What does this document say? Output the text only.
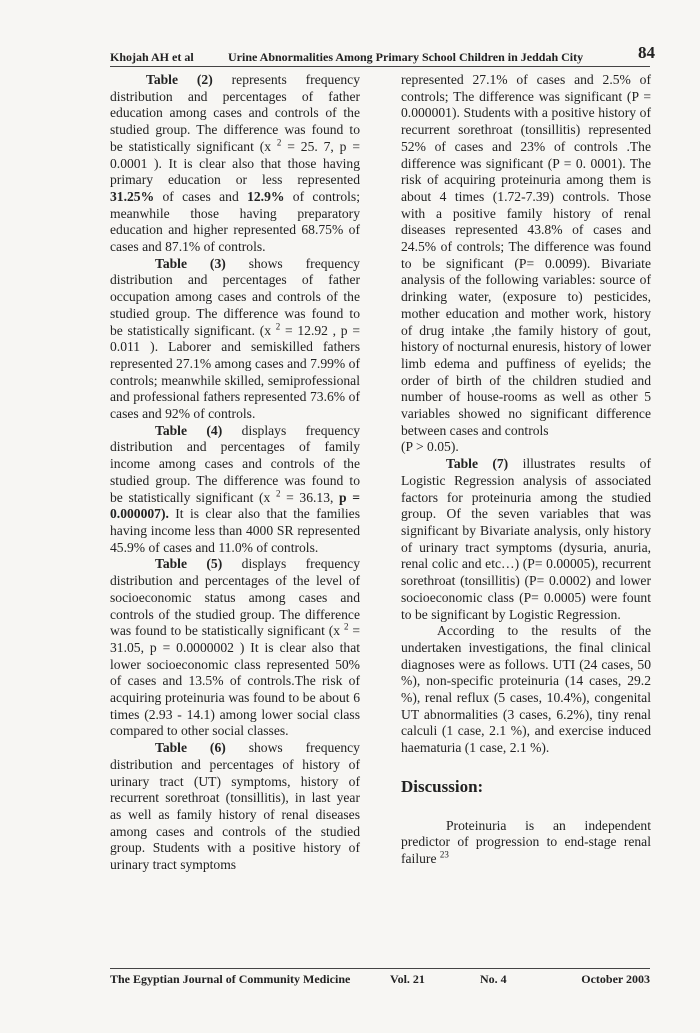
Khojah AH et al	Urine Abnormalities Among Primary School Children in Jeddah City	84

Table (2) represents frequency distribution and percentages of father education among cases and controls of the studied group. The difference was found to be statistically significant (x $^2$ = 25. 7, p = 0.0001 ). It is clear also that those having primary education or less represented 31.25% of cases and 12.9% of controls; meanwhile those having preparatory education and higher represented 68.75% of cases and 87.1% of controls.

Table (3) shows frequency distribution and percentages of father occupation among cases and controls of the studied group. The difference was found to be statistically significant. (x $^2$ = 12.92 , p = 0.011 ). Laborer and semiskilled fathers represented 27.1% among cases and 7.99% of controls; meanwhile skilled, semiprofessional and professional fathers represented 73.6% of cases and 92% of controls.

Table (4) displays frequency distribution and percentages of family income among cases and controls of the studied group. The difference was found to be statistically significant (x $^2$ = 36.13, p = 0.000007). It is clear also that the families having income less than 4000 SR represented 45.9% of cases and 11.0% of controls.

Table (5) displays frequency distribution and percentages of the level of socioeconomic status among cases and controls of the studied group. The difference was found to be statistically significant (x $^2$ = 31.05, p = 0.0000002 ) It is clear also that lower socioeconomic class represented 50% of cases and 13.5% of controls.The risk of acquiring proteinuria was found to be about 6 times (2.93 - 14.1) among lower social class compared to other social classes.

Table (6) shows frequency distribution and percentages of history of urinary tract (UT) symptoms, history of recurrent sorethroat (tonsillitis), in last year as well as family history of renal diseases among cases and controls of the studied group. Students with a positive history of urinary tract symptoms

represented 27.1% of cases and 2.5% of controls; The difference was significant (P = 0.000001). Students with a positive history of recurrent sorethroat (tonsillitis) represented 52% of cases and 23% of controls .The difference was significant (P = 0. 0001). The risk of acquiring proteinuria among them is about 4 times (1.72-7.39) controls. Those with a positive family history of renal diseases represented 43.8% of cases and 24.5% of controls; The difference was found to be significant (P= 0.0099). Bivariate analysis of the following variables: source of drinking water, (exposure to) pesticides, mother education and mother work, history of drug intake ,the family history of gout, history of nocturnal enuresis, history of lower limb edema and puffiness of eyelids; the order of birth of the children studied and number of house-rooms as well as other 5 variables showed no significant difference between cases and controls

(P > 0.05).

Table (7) illustrates results of Logistic Regression analysis of associated factors for proteinuria among the studied group. Of the seven variables that was significant by Bivariate analysis, only history of urinary tract symptoms (dysuria, anuria, renal colic and etc…) (P= 0.00005), recurrent sorethroat (tonsillitis) (P= 0.0002) and lower socioeconomic class (P= 0.0005) were fount to be significant by Logistic Regression.

According to the results of the undertaken investigations, the final clinical diagnoses were as follows. UTI (24 cases, 50 %), non-specific proteinuria (14 cases, 29.2 %), renal reflux (5 cases, 10.4%), congenital UT abnormalities (3 cases, 6.2%), tiny renal calculi (1 case, 2.1 %), and exercise induced haematuria (1 case, 2.1 %).

Discussion:

Proteinuria is an independent predictor of progression to end-stage renal failure $^{23}$

The Egyptian Journal of Community Medicine	Vol. 21	No. 4	October 2003
